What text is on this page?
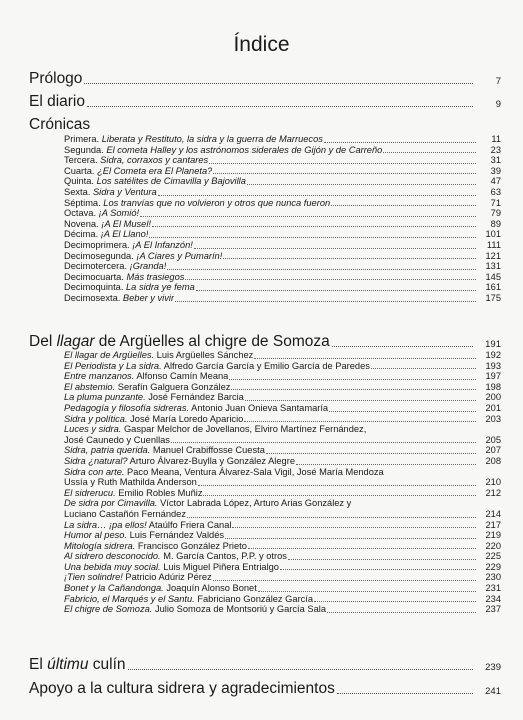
Índice
Prólogo	7
El diario	9
Crónicas
Primera. Liberata y Restituto, la sidra y la guerra de Marruecos	11
Segunda. El cometa Halley y los astrónomos siderales de Gijón y de Carreño	23
Tercera. Sidra, corraxos y cantares	31
Cuarta. ¿El Cometa era El Planeta?	39
Quinta. Los satélites de Cimavilla y Bajovilla	47
Sexta. Sidra y Ventura	63
Séptima. Los tranvías que no volvieron y otros que nunca fueron	71
Octava. ¡A Somió!	79
Novena. ¡A El Musel!	89
Décima. ¡A El Llano!	101
Decimoprimera. ¡A El Infanzón!	111
Decimosegunda. ¡A Ciares y Pumarín!	121
Decimotercera. ¡Granda!	131
Decimocuarta. Más trasiegos	145
Decimoquinta. La sidra ye fema	161
Decimosexta. Beber y vivir	175
Del llagar de Argüelles al chigre de Somoza	191
El llagar de Argüelles. Luis Argüelles Sánchez	192
El Periodista y La sidra. Alfredo García García y Emilio García de Paredes	193
Entre manzanos. Alfonso Camín Meana	197
El abstemio. Serafín Galguera González	198
La pluma punzante. José Fernández Barcia	200
Pedagogía y filosofía sidreras. Antonio Juan Onieva Santamaría	201
Sidra y política. José María Loredo Aparicio	203
Luces y sidra. Gaspar Melchor de Jovellanos, Elviro Martínez Fernández,
José Caunedo y Cuenllas	205
Sidra, patria querida. Manuel Crabiffosse Cuesta	207
Sidra ¿natural? Arturo Álvarez-Buylla y González Alegre	208
Sidra con arte. Paco Meana, Ventura Álvarez-Sala Vigil, José María Mendoza
Ussía y Ruth Mathilda Anderson	210
El sidrerucu. Emilio Robles Muñiz	212
De sidra por Cimavilla. Víctor Labrada López, Arturo Arias González y
Luciano Castañón Fernández	214
La sidra… ¡pa ellos! Ataúlfo Friera Canal	217
Humor al peso. Luis Fernández Valdés	219
Mitología sidrera. Francisco González Prieto	220
Al sidrero desconocido. M. García Cantos, P.P. y otros	225
Una bebida muy social. Luis Miguel Piñera Entrialgo	229
¡Tien solindre! Patricio Adúriz Pérez	230
Bonet y la Cañandonga. Joaquín Alonso Bonet	231
Fabricio, el Marqués y el Santu. Fabriciano González García	234
El chigre de Somoza. Julio Somoza de Montsoriú y García Sala	237
El últimu culín	239
Apoyo a la cultura sidrera y agradecimientos	241
